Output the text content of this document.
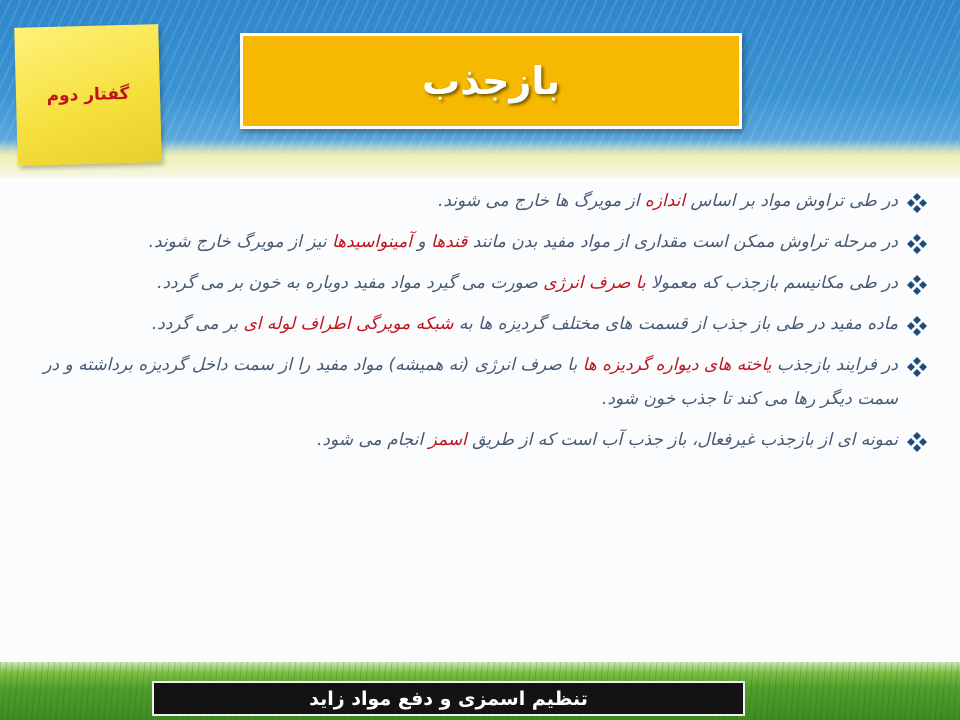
گفتار دوم	بازجذب
در طی تراوش مواد بر اساس اندازه از مویرگ ها خارج می شوند.
در مرحله تراوش ممکن است مقداری از مواد مفید بدن مانند قندها و آمینواسیدها نیز از مویرگ خارج شوند.
در طی مکانیسم بازجذب که معمولا با صرف انرژی صورت می گیرد مواد مفید دوباره به خون بر می گردد.
ماده مفید در طی باز جذب از قسمت های مختلف گردیزه ها به شبکه مویرگی اطراف لوله ای بر می گردد.
در فرایند بازجذب یاخته های دیواره گردیزه ها با صرف انرژی (نه همیشه) مواد مفید را از سمت داخل گردیزه برداشته و در سمت دیگر رها می کند تا جذب خون شود.
نمونه ای از بازجذب غیرفعال، باز جذب آب است که از طریق اسمز انجام می شود.
تنظیم اسمزی و دفع مواد زاید
